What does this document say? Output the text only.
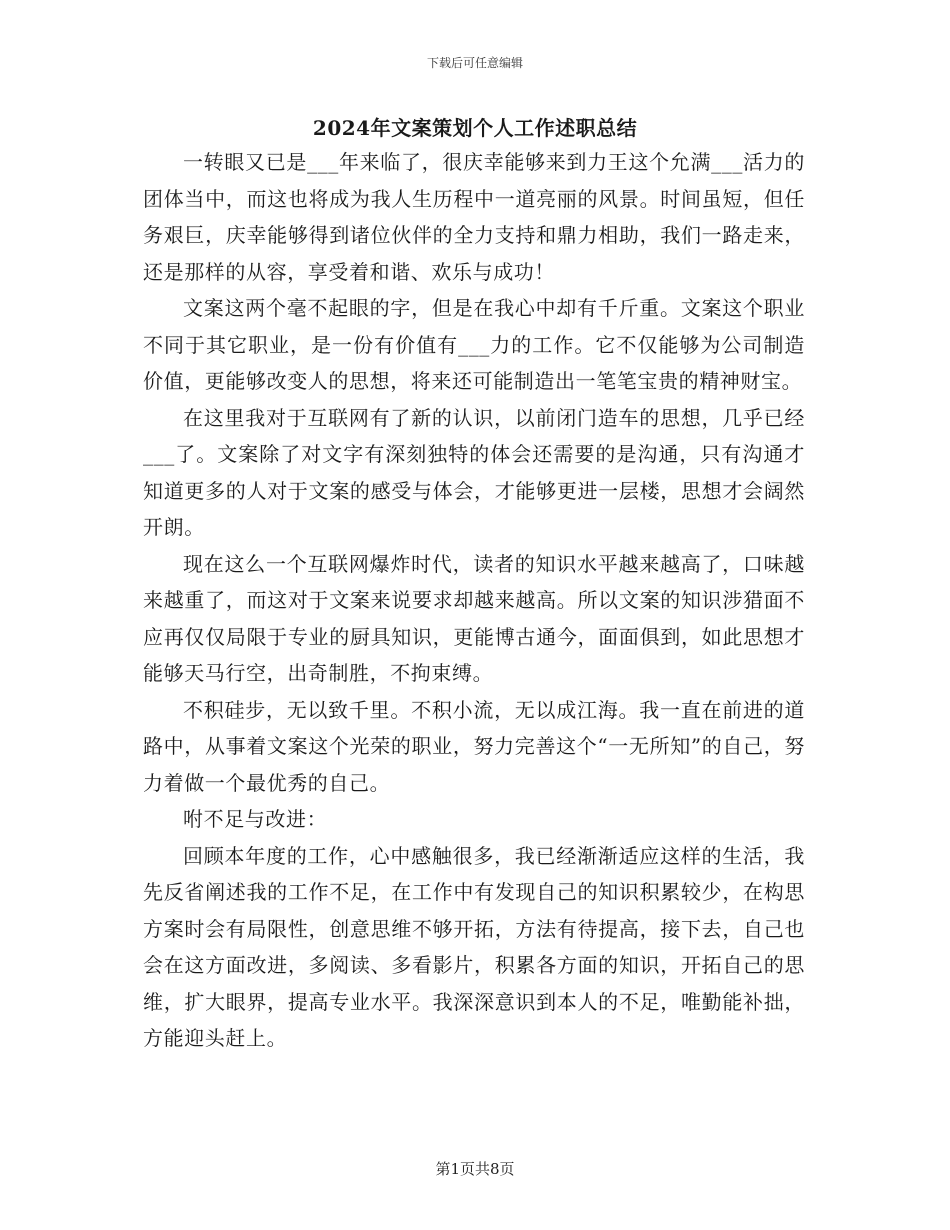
下载后可任意编辑
2024年文案策划个人工作述职总结

一转眼又已是___年来临了，很庆幸能够来到力王这个允满___活力的团体当中，而这也将成为我人生历程中一道亮丽的风景。时间虽短，但任务艰巨，庆幸能够得到诸位伙伴的全力支持和鼎力相助，我们一路走来，还是那样的从容，享受着和谐、欢乐与成功！

文案这两个毫不起眼的字，但是在我心中却有千斤重。文案这个职业不同于其它职业，是一份有价值有___力的工作。它不仅能够为公司制造价值，更能够改变人的思想，将来还可能制造出一笔笔宝贵的精神财宝。

在这里我对于互联网有了新的认识，以前闭门造车的思想，几乎已经___了。文案除了对文字有深刻独特的体会还需要的是沟通，只有沟通才知道更多的人对于文案的感受与体会，才能够更进一层楼，思想才会阔然开朗。

现在这么一个互联网爆炸时代，读者的知识水平越来越高了，口味越来越重了，而这对于文案来说要求却越来越高。所以文案的知识涉猎面不应再仅仅局限于专业的厨具知识，更能博古通今，面面俱到，如此思想才能够天马行空，出奇制胜，不拘束缚。

不积硅步，无以致千里。不积小流，无以成江海。我一直在前进的道路中，从事着文案这个光荣的职业，努力完善这个“一无所知”的自己，努力着做一个最优秀的自己。

咐不足与改进：

回顾本年度的工作，心中感触很多，我已经渐渐适应这样的生活，我先反省阐述我的工作不足，在工作中有发现自己的知识积累较少，在构思方案时会有局限性，创意思维不够开拓，方法有待提高，接下去，自己也会在这方面改进，多阅读、多看影片，积累各方面的知识，开拓自己的思维，扩大眼界，提高专业水平。我深深意识到本人的不足，唯勤能补拙，方能迎头赶上。

第1页共8页
